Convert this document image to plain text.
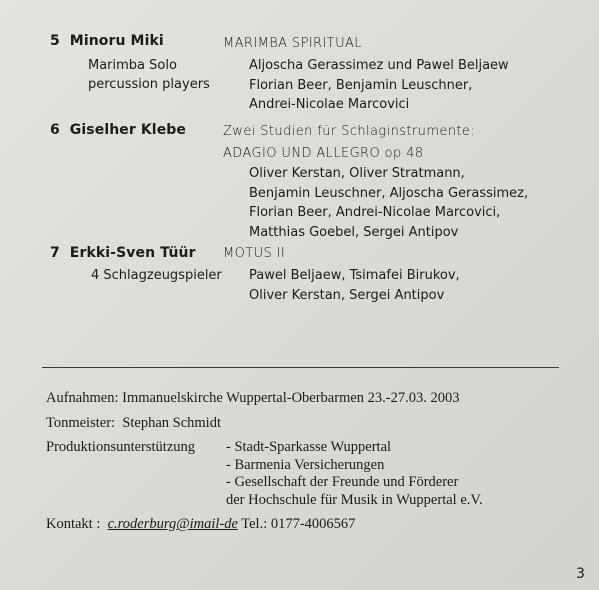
5 Minoru Miki	MARIMBA SPIRITUAL
Marimba Solo
percussion players
Aljoscha Gerassimez und Pawel Beljaew
Florian Beer, Benjamin Leuschner,
Andrei-Nicolae Marcovici
6 Giselher Klebe	Zwei Studien für Schlaginstrumente:
ADAGIO UND ALLEGRO op 48
Oliver Kerstan, Oliver Stratmann,
Benjamin Leuschner, Aljoscha Gerassimez,
Florian Beer, Andrei-Nicolae Marcovici,
Matthias Goebel, Sergei Antipov
7 Erkki-Sven Tüür MOTUS II
4 Schlagzeugspieler Pawel Beljaew, Tsimafei Birukov,
Oliver Kerstan, Sergei Antipov
Aufnahmen: Immanuelskirche Wuppertal-Oberbarmen 23.-27.03. 2003
Tonmeister: Stephan Schmidt
Produktionsunterstützung - Stadt-Sparkasse Wuppertal
- Barmenia Versicherungen
- Gesellschaft der Freunde und Förderer
der Hochschule für Musik in Wuppertal e.V.
Kontakt : c.roderburg@imail-de Tel.: 0177-4006567
3
